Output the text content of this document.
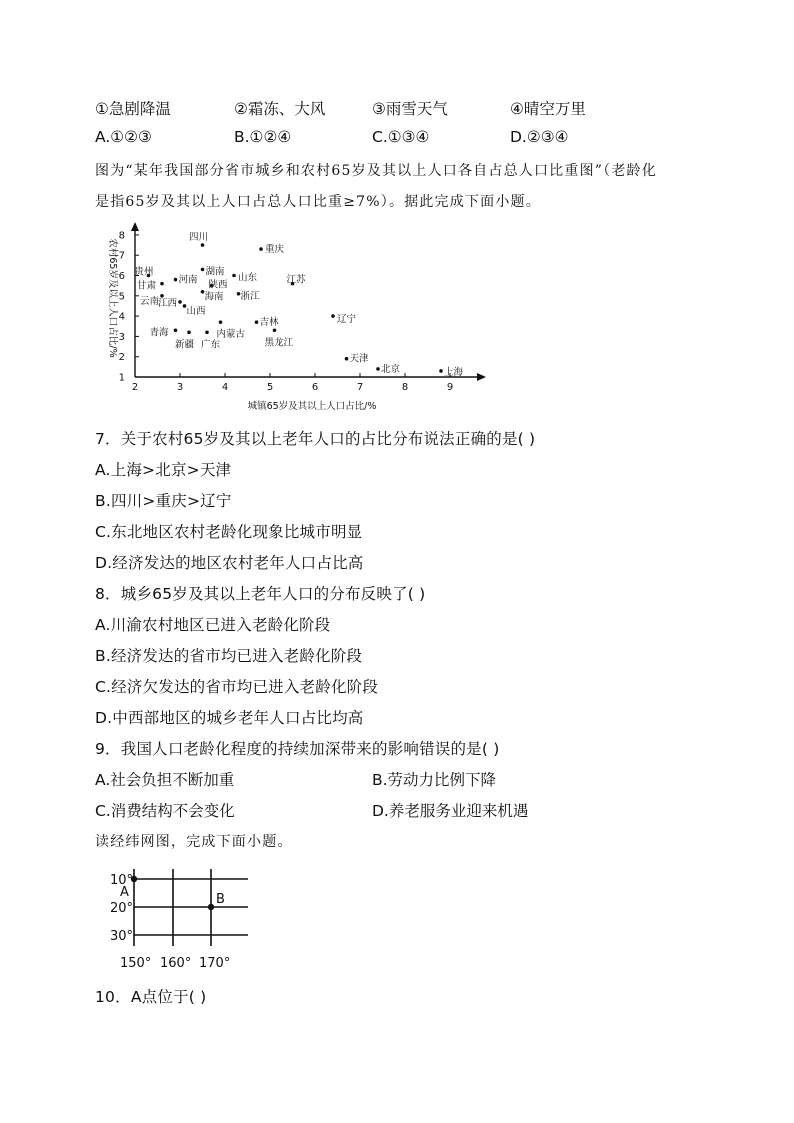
①急剧降温	②霜冻、大风	③雨雪天气	④晴空万里
A.①②③	B.①②④	C.①③④	D.②③④
图为“某年我国部分省市城乡和农村65岁及其以上人口各自占总人口比重图”（老龄化
是指65岁及其以上人口占总人口比重≥7%）。据此完成下面小题。
2	3	4	5	6	7	8	9
1
2
3
4
5
6
7
8
城镇65岁及其以上人口占比/%
农村65岁及以上人口占比/%
四川
重庆
贵州	湖南
河南
甘肃
山东
陕西	江苏
云南	海南 浙江
江西
山西
辽宁
青海
新疆 广东
内蒙古
吉林
黑龙江
天津
北京	上海
7．关于农村65岁及其以上老年人口的占比分布说法正确的是( )
A.上海>北京>天津
B.四川>重庆>辽宁
C.东北地区农村老龄化现象比城市明显
D.经济发达的地区农村老年人口占比高
8．城乡65岁及其以上老年人口的分布反映了( )
A.川渝农村地区已进入老龄化阶段
B.经济发达的省市均已进入老龄化阶段
C.经济欠发达的省市均已进入老龄化阶段
D.中西部地区的城乡老年人口占比均高
9．我国人口老龄化程度的持续加深带来的影响错误的是( )
A.社会负担不断加重	B.劳动力比例下降
C.消费结构不会变化	D.养老服务业迎来机遇
读经纬网图，完成下面小题。
A	B
10°
20°
30°
150° 160° 170°
10．A点位于( )
